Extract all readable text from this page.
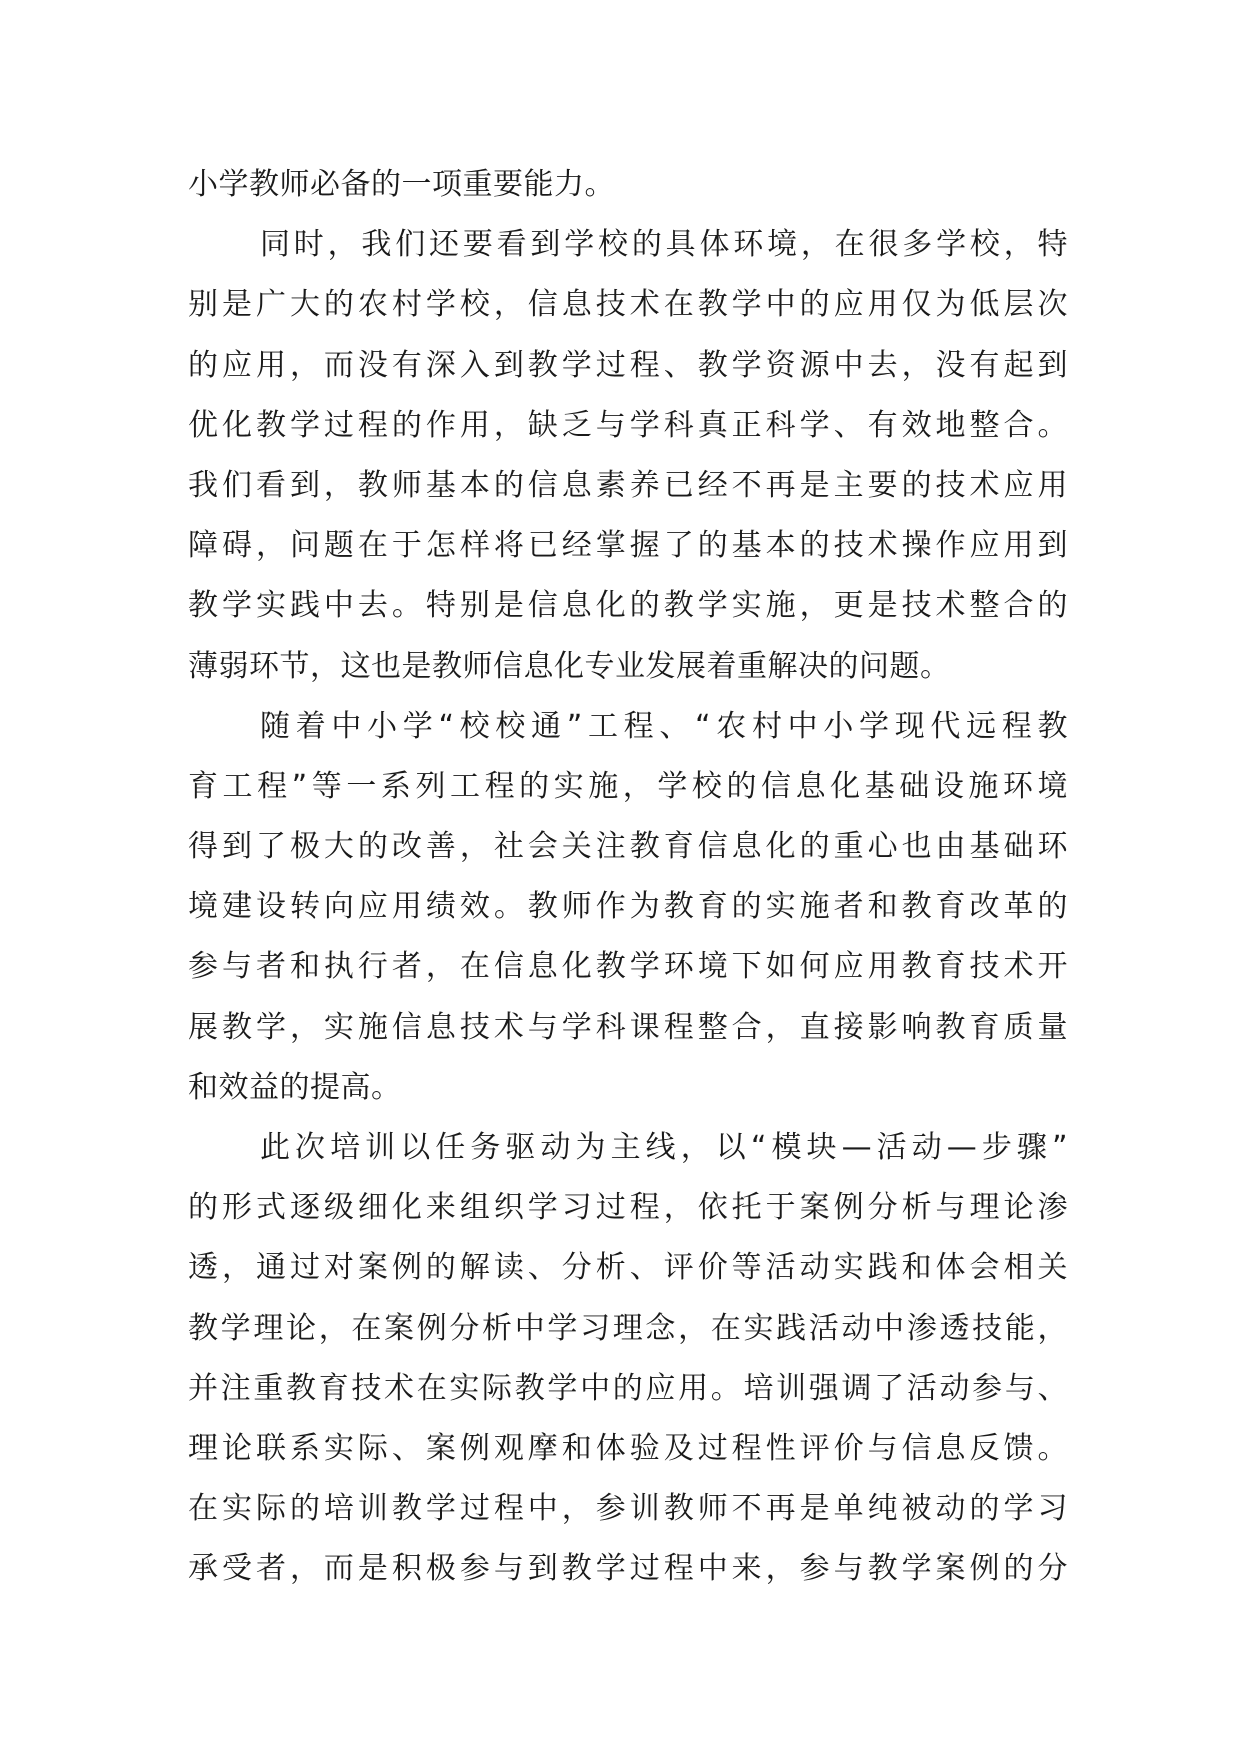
小学教师必备的一项重要能力。
同时，我们还要看到学校的具体环境，在很多学校，特
别是广大的农村学校，信息技术在教学中的应用仅为低层次
的应用，而没有深入到教学过程、教学资源中去，没有起到
优化教学过程的作用，缺乏与学科真正科学、有效地整合。
我们看到，教师基本的信息素养已经不再是主要的技术应用
障碍，问题在于怎样将已经掌握了的基本的技术操作应用到
教学实践中去。特别是信息化的教学实施，更是技术整合的
薄弱环节，这也是教师信息化专业发展着重解决的问题。
随着中小学“校校通”工程、“农村中小学现代远程教
育工程”等一系列工程的实施，学校的信息化基础设施环境
得到了极大的改善，社会关注教育信息化的重心也由基础环
境建设转向应用绩效。教师作为教育的实施者和教育改革的
参与者和执行者，在信息化教学环境下如何应用教育技术开
展教学，实施信息技术与学科课程整合，直接影响教育质量
和效益的提高。
此次培训以任务驱动为主线，以“模块—活动—步骤”
的形式逐级细化来组织学习过程，依托于案例分析与理论渗
透，通过对案例的解读、分析、评价等活动实践和体会相关
教学理论，在案例分析中学习理念，在实践活动中渗透技能，
并注重教育技术在实际教学中的应用。培训强调了活动参与、
理论联系实际、案例观摩和体验及过程性评价与信息反馈。
在实际的培训教学过程中，参训教师不再是单纯被动的学习
承受者，而是积极参与到教学过程中来，参与教学案例的分
